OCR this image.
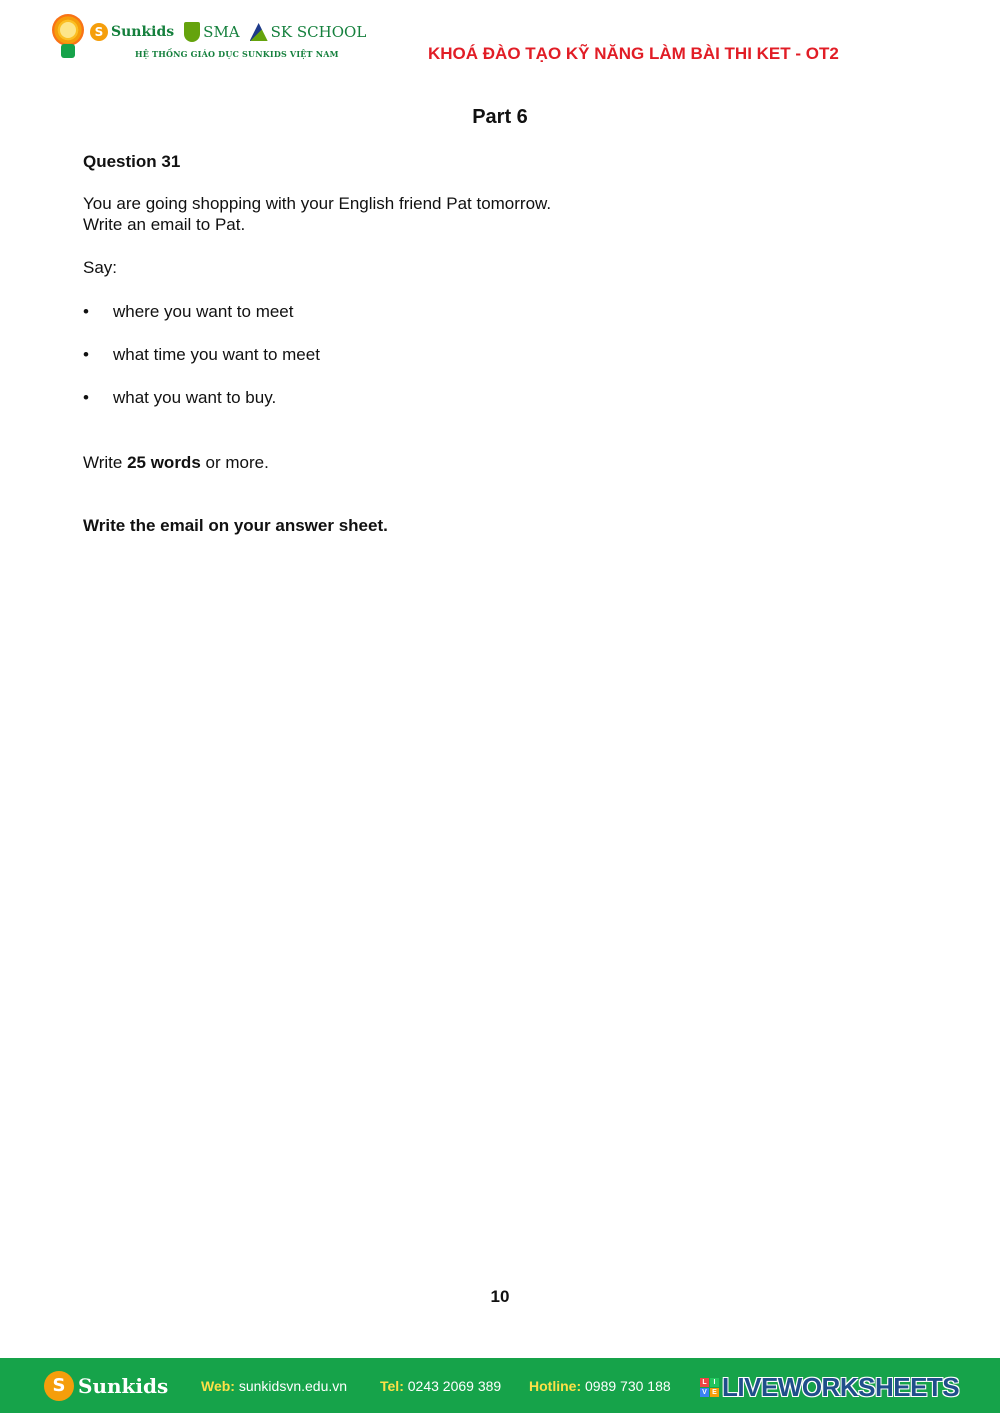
S Sunkids SMA SK SCHOOL
HỆ THỐNG GIÁO DỤC SUNKIDS VIỆT NAM	KHOÁ ĐÀO TẠO KỸ NĂNG LÀM BÀI THI KET - OT2
Part 6
Question 31
You are going shopping with your English friend Pat tomorrow.
Write an email to Pat.
Say:
• where you want to meet
• what time you want to meet
• what you want to buy.
Write 25 words or more.
Write the email on your answer sheet.
10
S Sunkids Web: sunkidsvn.edu.vn Tel: 0243 2069 389 Hotline: 0989 730 188	L I
V E LIVEWORKSHEETS
